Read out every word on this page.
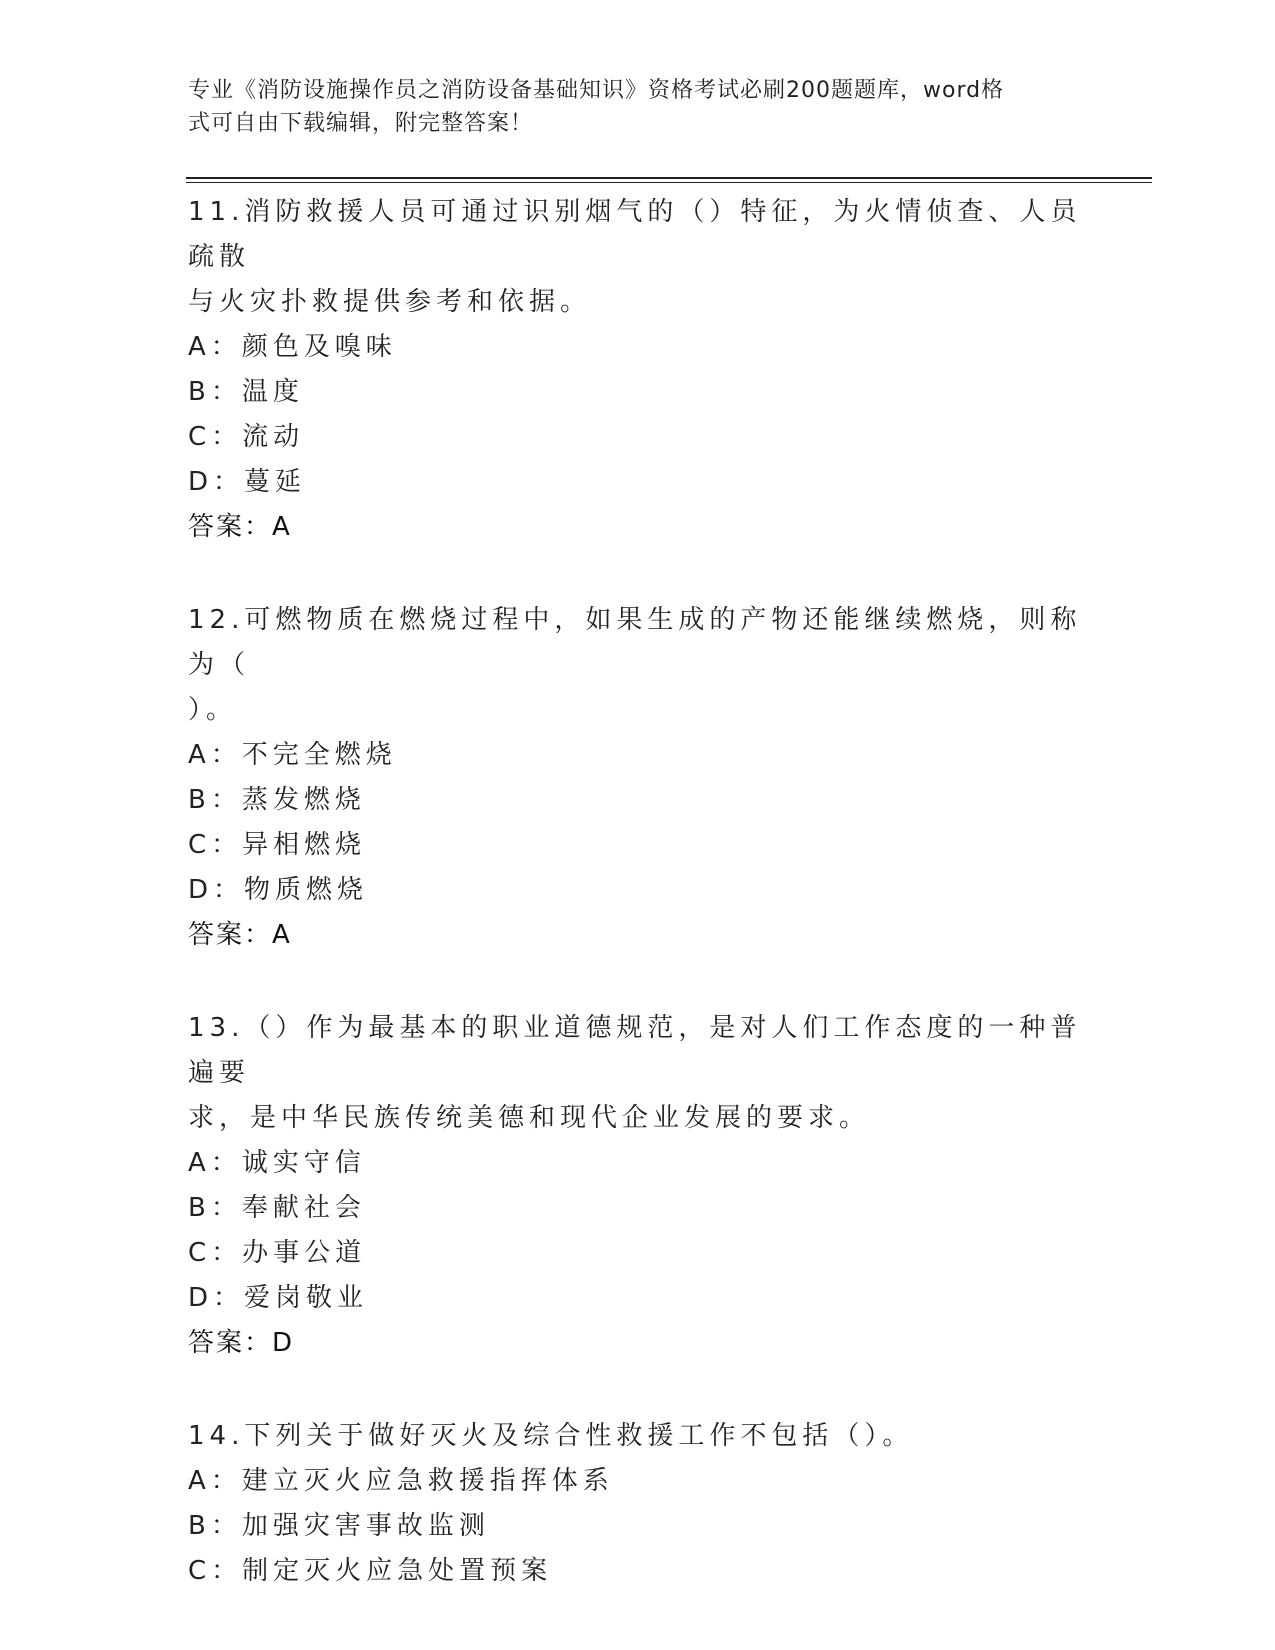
专业《消防设施操作员之消防设备基础知识》资格考试必刷200题题库，word格
式可自由下载编辑，附完整答案！

11.消防救援人员可通过识别烟气的（）特征，为火情侦查、人员疏散
与火灾扑救提供参考和依据。

A：颜色及嗅味

B：温度

C：流动

D：蔓延

答案：A

12.可燃物质在燃烧过程中，如果生成的产物还能继续燃烧，则称为（
）。

A：不完全燃烧

B：蒸发燃烧

C：异相燃烧

D：物质燃烧

答案：A

13.（）作为最基本的职业道德规范，是对人们工作态度的一种普遍要
求，是中华民族传统美德和现代企业发展的要求。

A：诚实守信

B：奉献社会

C：办事公道

D：爱岗敬业

答案：D

14.下列关于做好灭火及综合性救援工作不包括（）。

A：建立灭火应急救援指挥体系

B：加强灾害事故监测

C：制定灭火应急处置预案
